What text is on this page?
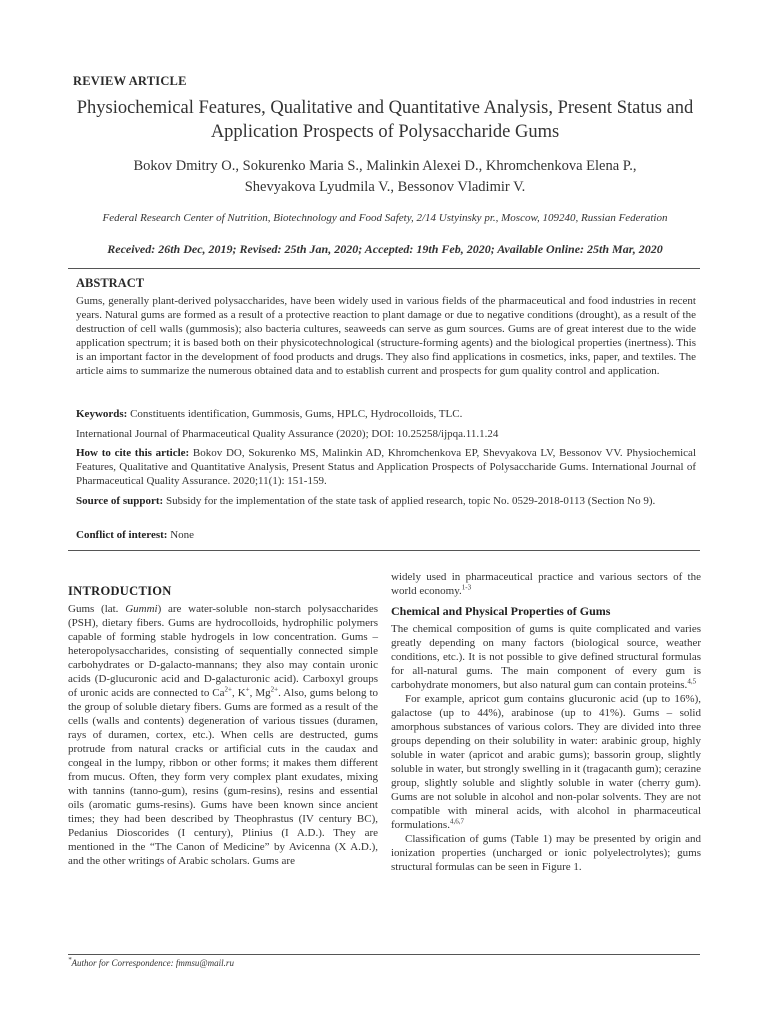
REVIEW ARTICLE
Physiochemical Features, Qualitative and Quantitative Analysis, Present Status and Application Prospects of Polysaccharide Gums
Bokov Dmitry O., Sokurenko Maria S., Malinkin Alexei D., Khromchenkova Elena P.,
Shevyakova Lyudmila V., Bessonov Vladimir V.
Federal Research Center of Nutrition, Biotechnology and Food Safety, 2/14 Ustyinsky pr., Moscow, 109240, Russian Federation
Received: 26th Dec, 2019; Revised: 25th Jan, 2020; Accepted: 19th Feb, 2020; Available Online: 25th Mar, 2020
ABSTRACT
Gums, generally plant-derived polysaccharides, have been widely used in various fields of the pharmaceutical and food industries in recent years. Natural gums are formed as a result of a protective reaction to plant damage or due to negative conditions (drought), as a result of the destruction of cell walls (gummosis); also bacteria cultures, seaweeds can serve as gum sources. Gums are of great interest due to the wide application spectrum; it is based both on their physicotechnological (structure-forming agents) and the biological properties (inertness). This is an important factor in the development of food products and drugs. They also find applications in cosmetics, inks, paper, and textiles. The article aims to summarize the numerous obtained data and to establish current and prospects for gum quality control and application.
Keywords: Constituents identification, Gummosis, Gums, HPLC, Hydrocolloids, TLC.
International Journal of Pharmaceutical Quality Assurance (2020); DOI: 10.25258/ijpqa.11.1.24
How to cite this article: Bokov DO, Sokurenko MS, Malinkin AD, Khromchenkova EP, Shevyakova LV, Bessonov VV. Physiochemical Features, Qualitative and Quantitative Analysis, Present Status and Application Prospects of Polysaccharide Gums. International Journal of Pharmaceutical Quality Assurance. 2020;11(1): 151-159.
Source of support: Subsidy for the implementation of the state task of applied research, topic No. 0529-2018-0113 (Section No 9).
Conflict of interest: None
INTRODUCTION

Gums (lat. Gummi) are water-soluble non-starch polysaccharides (PSH), dietary fibers. Gums are hydrocolloids, hydrophilic polymers capable of forming stable hydrogels in low concentration. Gums – heteropolysaccharides, consisting of sequentially connected simple carbohydrates or D-galacto-mannans; they also may contain uronic acids (D-glucuronic acid and D-galacturonic acid). Carboxyl groups of uronic acids are connected to $Ca^{2+}$, K+, $Mg^{2+}$. Also, gums belong to the group of soluble dietary fibers. Gums are formed as a result of the cells (walls and contents) degeneration of various tissues (duramen, rays of duramen, cortex, etc.). When cells are destructed, gums protrude from natural cracks or artificial cuts in the caudax and congeal in the lumpy, ribbon or other forms; it makes them different from mucus. Often, they form very complex plant exudates, mixing with tannins (tanno-gum), resins (gum-resins), resins and essential oils (aromatic gums-resins). Gums have been known since ancient times; they had been described by Theophrastus (IV century BC), Pedanius Dioscorides (I century), Plinius (I A.D.). They are mentioned in the “The Canon of Medicine” by Avicenna (X A.D.), and the other writings of Arabic scholars. Gums are

widely used in pharmaceutical practice and various sectors of the world economy.$^{1-3}$

Chemical and Physical Properties of Gums

The chemical composition of gums is quite complicated and varies greatly depending on many factors (biological source, weather conditions, etc.). It is not possible to give defined structural formulas for all-natural gums. The main component of every gum is carbohydrate monomers, but also natural gum can contain proteins.$^{4,5}$

For example, apricot gum contains glucuronic acid (up to 16%), galactose (up to 44%), arabinose (up to 41%). Gums – solid amorphous substances of various colors. They are divided into three groups depending on their solubility in water: arabinic group, highly soluble in water (apricot and arabic gums); bassorin group, slightly soluble in water, but strongly swelling in it (tragacanth gum); cerazine group, slightly soluble and slightly soluble in water (cherry gum). Gums are not soluble in alcohol and non-polar solvents. They are not compatible with mineral acids, with alcohol in pharmaceutical formulations.$^{4,6,7}$

Classification of gums (Table 1) may be presented by origin and ionization properties (uncharged or ionic polyelectrolytes); gums structural formulas can be seen in Figure 1.

*Author for Correspondence: fmmsu@mail.ru
